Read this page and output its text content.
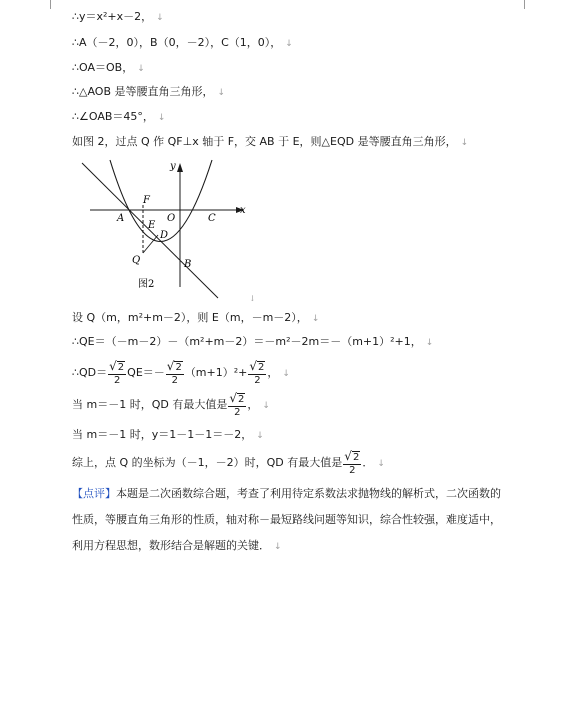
∴y＝x²+x－2， ↓
∴A（－2，0），B（0，－2），C（1，0）， ↓
∴OA＝OB， ↓
∴△AOB 是等腰直角三角形， ↓
∴∠OAB＝45°， ↓
如图 2，过点 Q 作 QF⊥x 轴于 F，交 AB 于 E，则△EQD 是等腰直角三角形， ↓
y
x
F
A	O	C
E
D
Q	B
图2
↓
设 Q（m，m²+m－2），则 E（m，－m－2）， ↓
∴QE＝（－m－2）－（m²+m－2）＝－m²－2m＝－（m+1）²+1， ↓
∴QD＝ $\frac{√2}{2} QE=- \frac{√2}{2} (m+1)^2+ \frac{√2}{2}$ ， ↓
当 m＝－1 时，QD 有最大值是 $\frac{√2}{2}$ ， ↓
当 m＝－1 时，y＝1－1－1＝－2， ↓
综上，点 Q 的坐标为（－1，－2）时，QD 有最大值是 $\frac{√2}{2}$ ． ↓
【点评】本题是二次函数综合题，考查了利用待定系数法求抛物线的解析式，二次函数的性质，等腰直角三角形的性质，轴对称－最短路线问题等知识，综合性较强，难度适中，利用方程思想，数形结合是解题的关键． ↓
